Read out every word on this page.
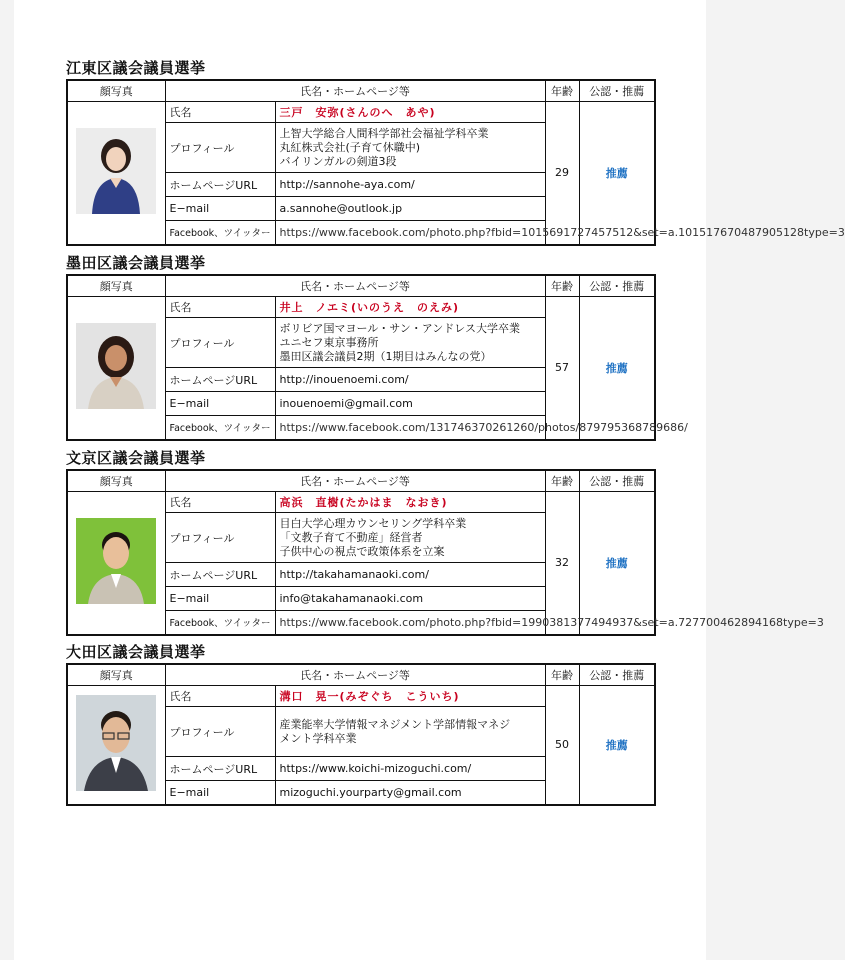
江東区議会議員選挙
顔写真	氏名・ホームページ等		年齢	公認・推薦

	氏名	三戸　安弥(さんのへ　あや)	29	推薦
	プロフィール	上智大学総合人間科学部社会福祉学科卒業
丸紅株式会社(子育て休職中)
バイリンガルの剣道3段		

	ホームページURL	http://sannohe-aya.com/		
	E−mail	a.sannohe@outlook.jp		
	Facebook、ツイッター	https://www.facebook.com/photo.php?fbid=1015691727457512&set=a.101517670487905128type=3		
墨田区議会議員選挙
顔写真	氏名・ホームページ等		年齢	公認・推薦

	氏名	井上　ノエミ(いのうえ　のえみ)	57	推薦
	プロフィール	ボリビア国マヨール・サン・アンドレス大学卒業
ユニセフ東京事務所
墨田区議会議員2期（1期目はみんなの党）		

	ホームページURL	http://inouenoemi.com/		
	E−mail	inouenoemi@gmail.com		
	Facebook、ツイッター	https://www.facebook.com/1317463702612​60/photos/879795368789686/		
文京区議会議員選挙
顔写真	氏名・ホームページ等		年齢	公認・推薦

	氏名	高浜　直樹(たかはま　なおき)	32	推薦
	プロフィール	目白大学心理カウンセリング学科卒業
「文教子育て不動産」経営者
子供中心の視点で政策体系を立案		

	ホームページURL	http://takahamanaoki.com/		
	E−mail	info@takahamanaoki.com		
	Facebook、ツイッター	https://www.facebook.com/photo.php?fbid=1990381377494937&set=a.727700462894168type=3		
大田区議会議員選挙
顔写真	氏名・ホームページ等		年齢	公認・推薦

	氏名	溝口　晃一(みぞぐち　こういち)	50	推薦
	プロフィール	産業能率大学情報マネジメント学部情報マネジ
メント学科卒業		

	ホームページURL	https://www.koichi-mizoguchi.com/		
	E−mail	mizoguchi.yourparty@gmail.com		
